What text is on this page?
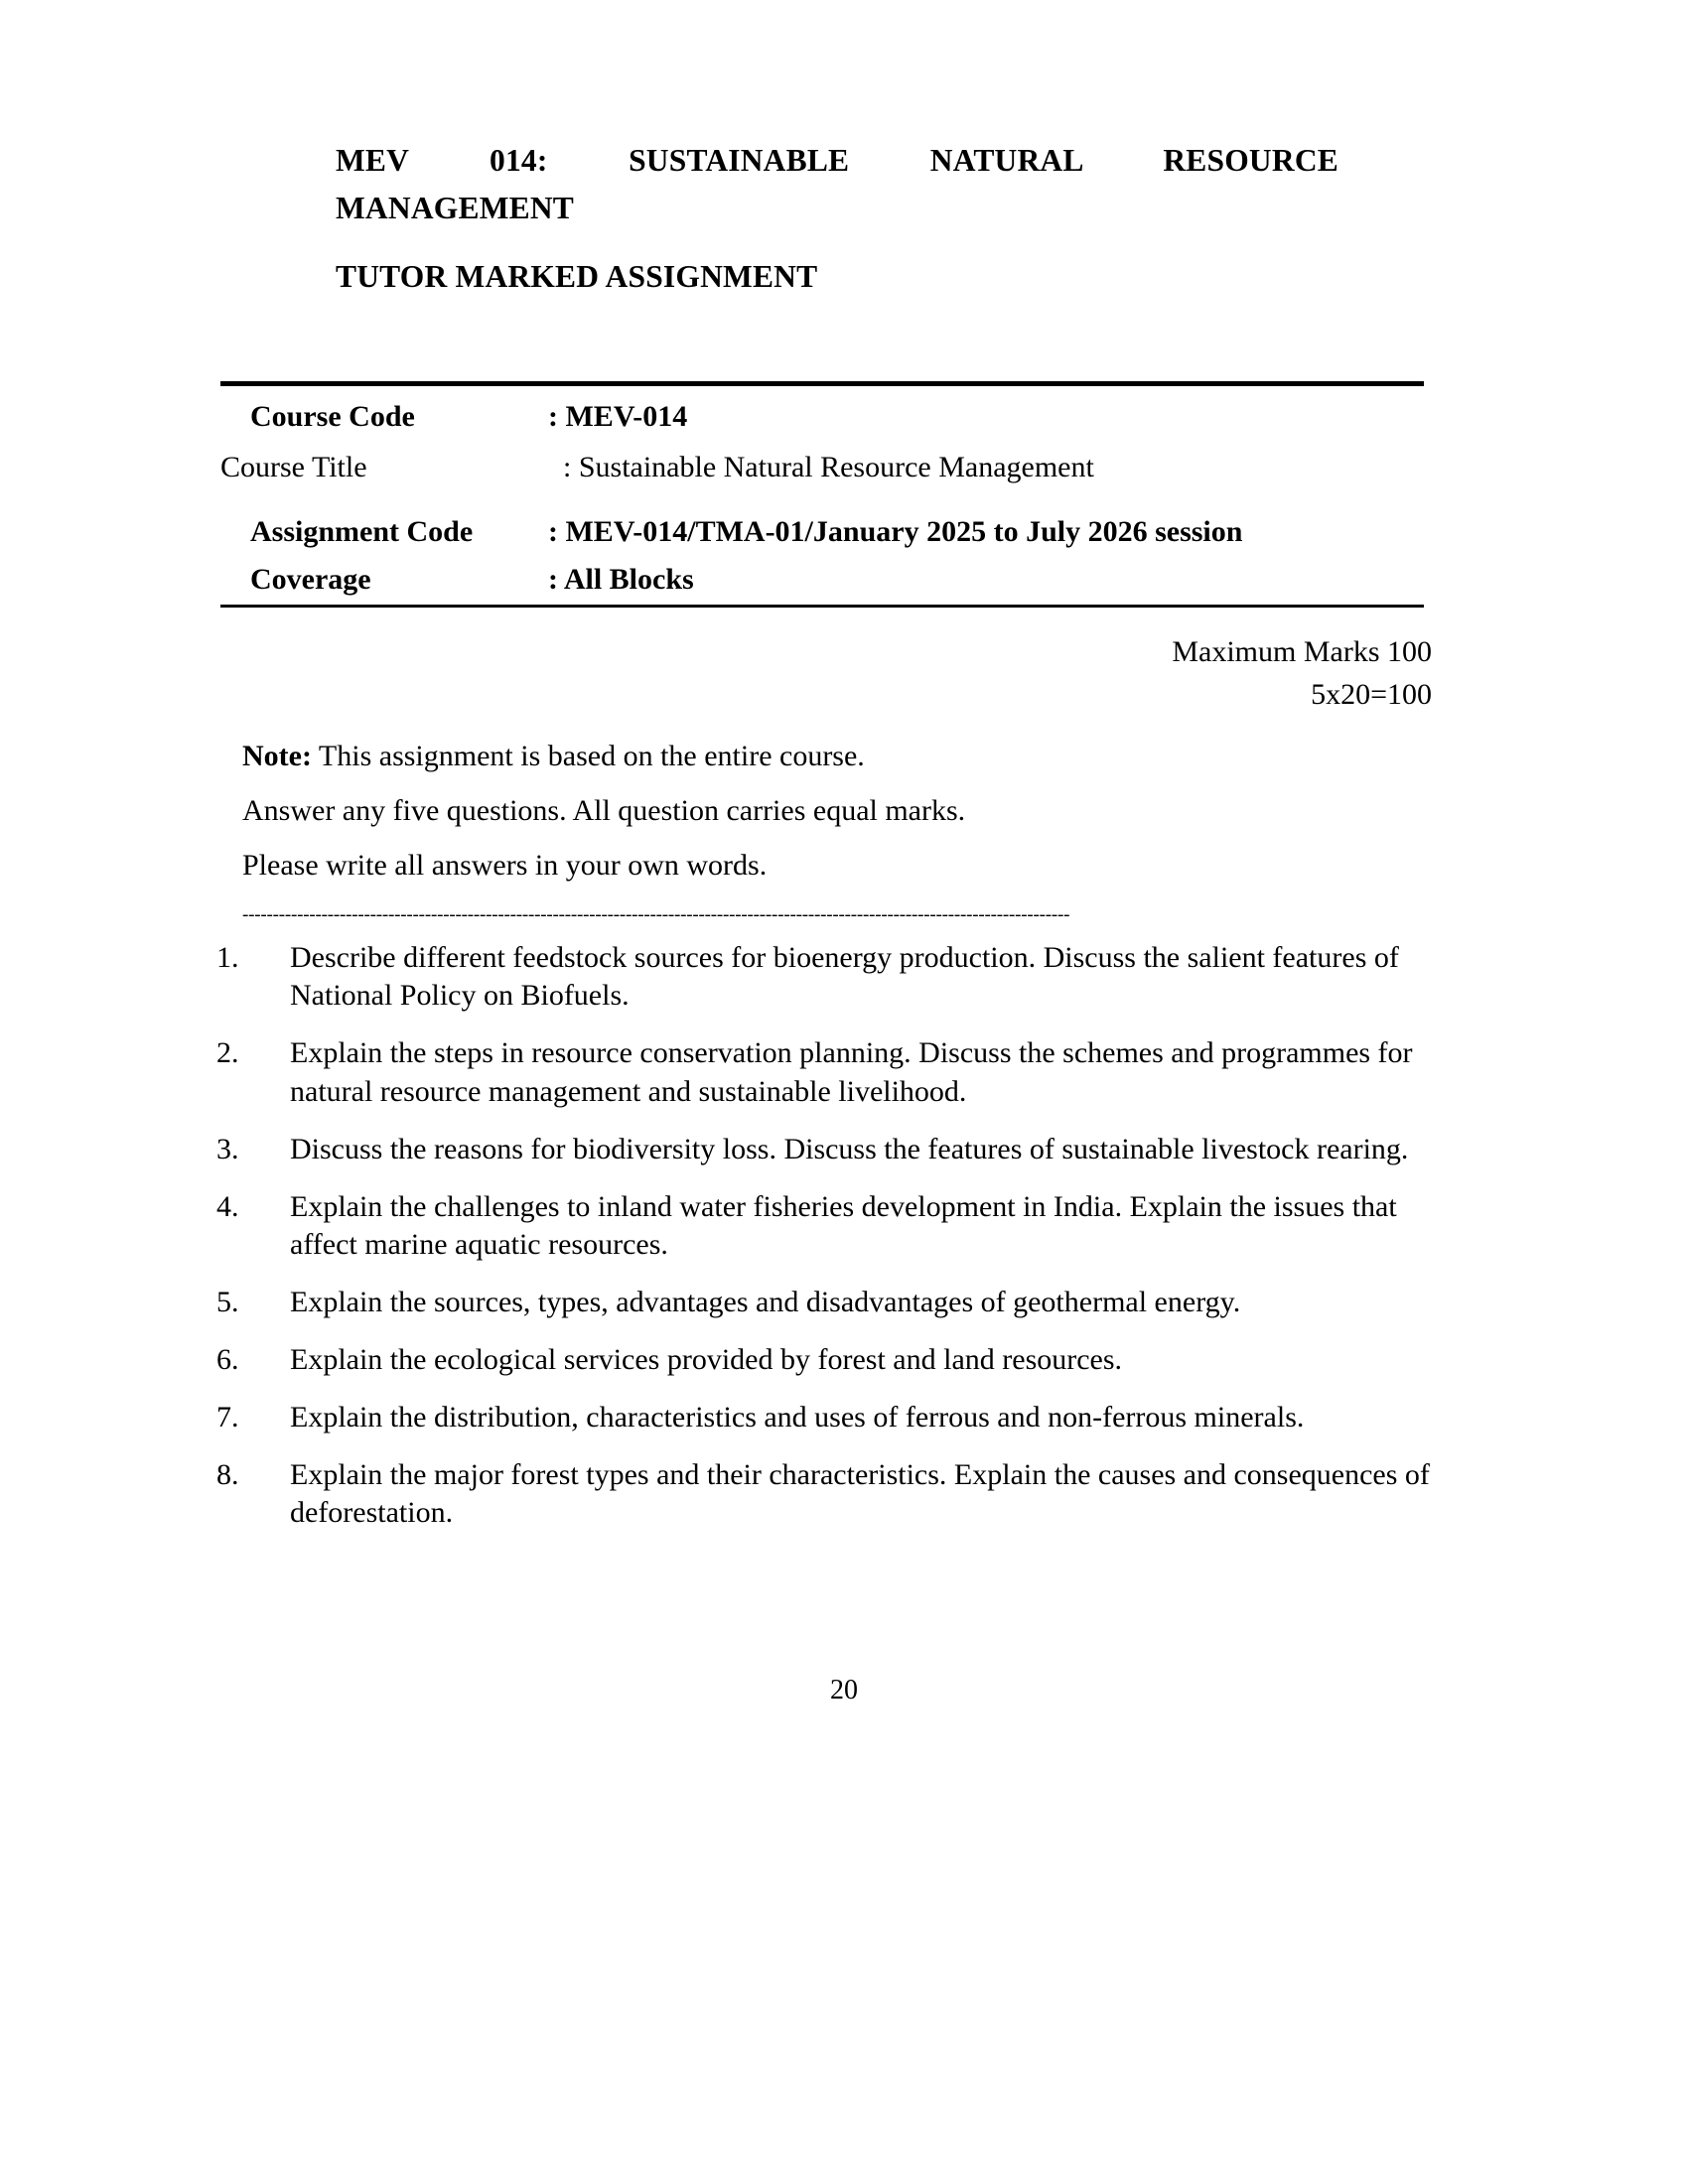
MEV 014: SUSTAINABLE NATURAL RESOURCE
MANAGEMENT
TUTOR MARKED ASSIGNMENT
Course Code	: MEV-014
Course Title	: Sustainable Natural Resource Management
Assignment Code	: MEV-014/TMA-01/January 2025 to July 2026 session
Coverage	: All Blocks
Maximum Marks 100
5x20=100

Note: This assignment is based on the entire course.

Answer any five questions. All question carries equal marks.

Please write all answers in your own words.

----------------------------------------------------------------------------------------------------------------------------------------
1.	Describe different feedstock sources for bioenergy production. Discuss the salient features of National Policy on Biofuels.
2.	Explain the steps in resource conservation planning. Discuss the schemes and programmes for natural resource management and sustainable livelihood.
3.	Discuss the reasons for biodiversity loss. Discuss the features of sustainable livestock rearing.
4.	Explain the challenges to inland water fisheries development in India. Explain the issues that affect marine aquatic resources.
5.	Explain the sources, types, advantages and disadvantages of geothermal energy.
6.	Explain the ecological services provided by forest and land resources.
7.	Explain the distribution, characteristics and uses of ferrous and non-ferrous minerals.
8.	Explain the major forest types and their characteristics. Explain the causes and consequences of deforestation.
20
